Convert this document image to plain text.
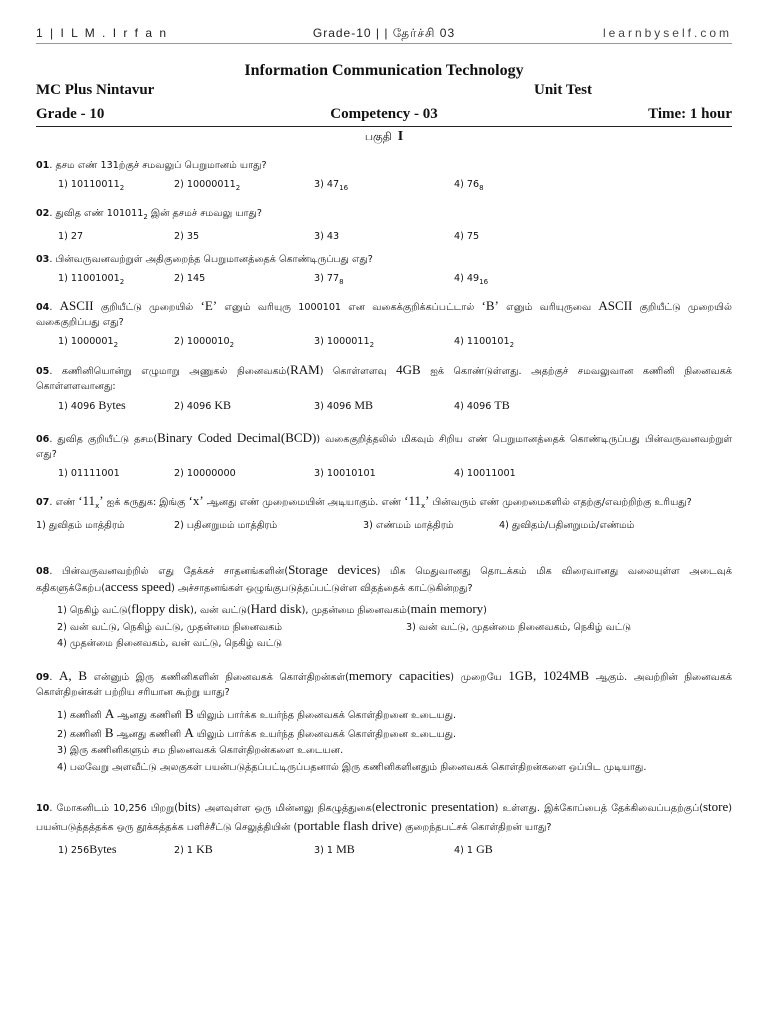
1 | I L M . I r f a n	Grade-10 | | தேர்ச்சி 03	learnbyself.com
Information Communication Technology
MC Plus Nintavur	Unit Test
Grade - 10	Competency - 03	Time: 1 hour
பகுதி I
01. தசம எண் 131ற்குச் சமவலுப் பெறுமானம் யாது?
1) $10110011_2$	2) $10000011_2$	3) $47_{16}$	4) $76_8$
02. துவித எண் $101011_2$ இன் தசமச் சமவலு யாது?
1) 27	2) 35	3) 43	4) 75
03. பின்வருவனவற்றுள் அதிகுறைந்த பெறுமானத்தைக் கொண்டிருப்பது எது?
1) $11001001_2$	2) 145	3) $77_8$	4) $49_{16}$
04. ASCII குறியீட்டு முறையில் ‘E’ எனும் வரியுரு 1000101 என வகைக்குறிக்கப்பட்டால் ‘B’ எனும் வரியுருவை ASCII குறியீட்டு முறையில் வகைகுறிப்பது எது?
1) $1000001_2$	2) $1000010_2$	3) $1000011_2$	4) $1100101_2$
05. கணினியொன்று எழுமாறு அணுகல் நினைவகம்(RAM) கொள்ளளவு 4GB ஐக் கொண்டுள்ளது. அதற்குச் சமவலுவான கணினி நினைவகக் கொள்ளளவானது:
1) 4096 Bytes	2) 4096 KB	3) 4096 MB	4) 4096 TB
06. துவித குறியீட்டு தசம(Binary Coded Decimal(BCD)) வகைகுறித்தலில் மிகவும் சிறிய எண் பெறுமானத்தைக் கொண்டிருப்பது பின்வருவனவற்றுள் எது?
1) 01111001	2) 10000000	3) 10010101	4) 10011001
07. எண் ‘$11_x$’ ஐக் கருதுக: இங்கு ‘x’ ஆனது எண் முறைமையின் அடியாகும். எண் ‘$11_x$’ பின்வரும் எண் முறைமைகளில் எதற்கு/எவற்றிற்கு உரியது?
1) துவிதம் மாத்திரம்	2) பதினறுமம் மாத்திரம்	3) எண்மம் மாத்திரம்	4) துவிதம்/பதினறுமம்/எண்மம்
08. பின்வருவனவற்றில் எது தேக்கச் சாதனங்களின்(Storage devices) மிக மெதுவானது தொடக்கம் மிக விரைவானது வலையுள்ள அடைவுக் கதிகளுக்கேற்ப(access speed) அச்சாதனங்கள் ஒழுங்குபடுத்தப்பட்டுள்ள விதத்தைக் காட்டுகின்றது?
1) நெகிழ் வட்டு(floppy disk), வன் வட்டு(Hard disk), முதன்மை நினைவகம்(main memory)
2) வன் வட்டு, நெகிழ் வட்டு, முதன்மை நினைவகம்	3) வன் வட்டு, முதன்மை நினைவகம், நெகிழ் வட்டு
4) முதன்மை நினைவகம், வன் வட்டு, நெகிழ் வட்டு
09. A, B என்னும் இரு கணினிகளின் நினைவகக் கொள்திறன்கள்(memory capacities) முறையே 1GB, 1024MB ஆகும். அவற்றின் நினைவகக் கொள்திறன்கள் பற்றிய சரியான கூற்று யாது?
1) கணினி A ஆனது கணினி B யிலும் பார்க்க உயர்ந்த நினைவகக் கொள்திறனை உடையது.
2) கணினி B ஆனது கணினி A யிலும் பார்க்க உயர்ந்த நினைவகக் கொள்திறனை உடையது.
3) இரு கணினிகளும் சம நினைவகக் கொள்திறன்களை உடையன.
4) பலவேறு அளவீட்டு அலகுகள் பயன்படுத்தப்பட்டிருப்பதனால் இரு கணினிகளினதும் நினைவகக் கொள்திறன்களை ஒப்பிட முடியாது.
10. மோகனிடம் 10,256 பிறறு(bits) அளவுள்ள ஒரு மின்னலு நிகழுத்துகை(electronic presentation) உள்ளது. இக்கோப்பைத் தேக்கிவைப்பதற்குப்(store) பயன்படுத்தத்தக்க ஒரு தூக்கத்தக்க பளிச்சீட்டு செலுத்தியின் (portable flash drive) குறைந்தபட்சக் கொள்திறன் யாது?
1) 256Bytes	2) 1 KB	3) 1 MB	4) 1 GB
